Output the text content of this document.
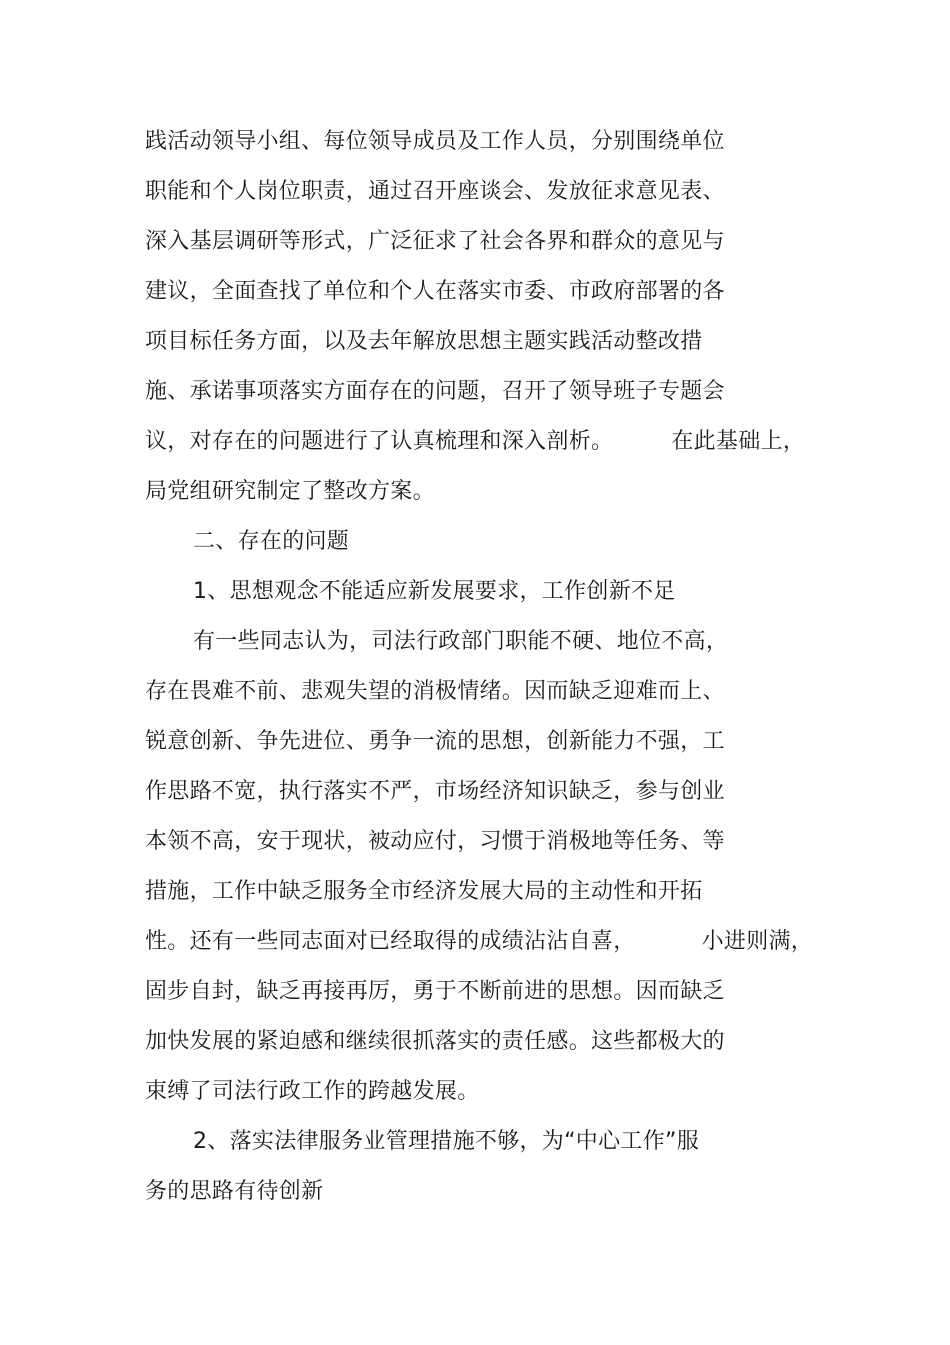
践活动领导小组、每位领导成员及工作人员，分别围绕单位
职能和个人岗位职责，通过召开座谈会、发放征求意见表、
深入基层调研等形式，广泛征求了社会各界和群众的意见与
建议，全面查找了单位和个人在落实市委、市政府部署的各
项目标任务方面，以及去年解放思想主题实践活动整改措
施、承诺事项落实方面存在的问题，召开了领导班子专题会
议，对存在的问题进行了认真梳理和深入剖析。	在此基础上，
局党组研究制定了整改方案。
二、存在的问题
1、思想观念不能适应新发展要求，工作创新不足
有一些同志认为，司法行政部门职能不硬、地位不高，
存在畏难不前、悲观失望的消极情绪。因而缺乏迎难而上、
锐意创新、争先进位、勇争一流的思想，创新能力不强，工
作思路不宽，执行落实不严，市场经济知识缺乏，参与创业
本领不高，安于现状，被动应付，习惯于消极地等任务、等
措施，工作中缺乏服务全市经济发展大局的主动性和开拓
性。还有一些同志面对已经取得的成绩沾沾自喜，	小进则满，
固步自封，缺乏再接再厉，勇于不断前进的思想。因而缺乏
加快发展的紧迫感和继续很抓落实的责任感。这些都极大的
束缚了司法行政工作的跨越发展。
2、落实法律服务业管理措施不够，为“中心工作”服
务的思路有待创新
